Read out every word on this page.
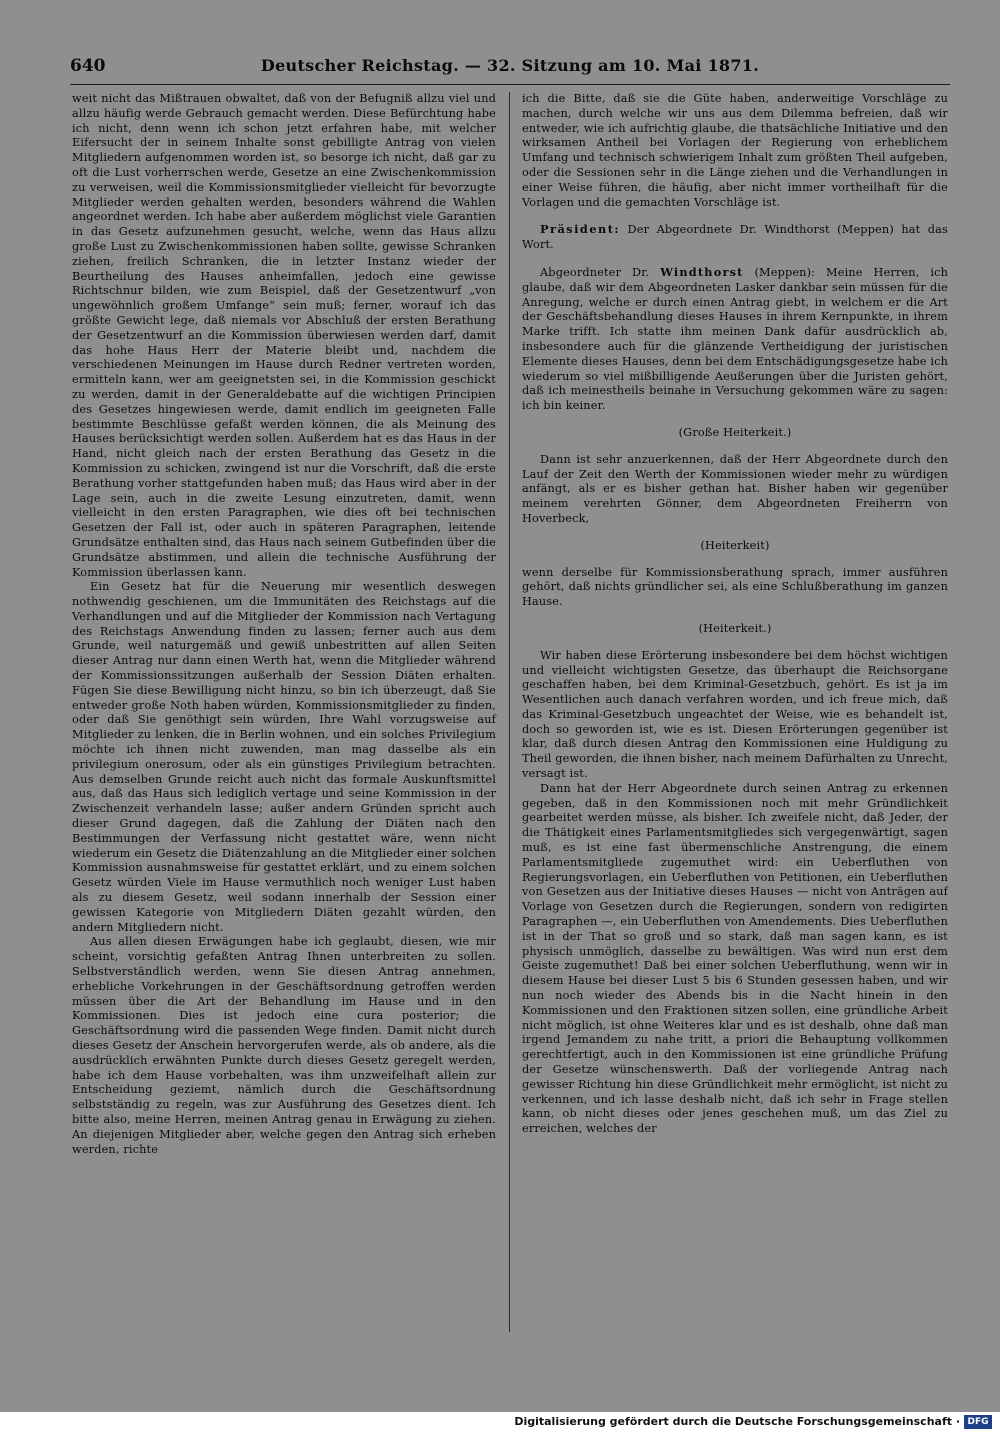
640	Deutscher Reichstag. — 32. Sitzung am 10. Mai 1871.

weit nicht das Mißtrauen obwaltet, daß von der Befugniß allzu viel und allzu häufig werde Gebrauch gemacht werden. Diese Befürchtung habe ich nicht, denn wenn ich schon jetzt erfahren habe, mit welcher Eifersucht der in seinem Inhalte sonst gebilligte Antrag von vielen Mitgliedern aufgenommen worden ist, so besorge ich nicht, daß gar zu oft die Lust vorherrschen werde, Gesetze an eine Zwischenkommission zu verweisen, weil die Kommissionsmitglieder vielleicht für bevorzugte Mitglieder werden gehalten werden, besonders während die Wahlen angeordnet werden. Ich habe aber außerdem möglichst viele Garantien in das Gesetz aufzunehmen gesucht, welche, wenn das Haus allzu große Lust zu Zwischenkommissionen haben sollte, gewisse Schranken ziehen, freilich Schranken, die in letzter Instanz wieder der Beurtheilung des Hauses anheimfallen, jedoch eine gewisse Richtschnur bilden, wie zum Beispiel, daß der Gesetzentwurf „von ungewöhnlich großem Umfange“ sein muß; ferner, worauf ich das größte Gewicht lege, daß niemals vor Abschluß der ersten Berathung der Gesetzentwurf an die Kommission überwiesen werden darf, damit das hohe Haus Herr der Materie bleibt und, nachdem die verschiedenen Meinungen im Hause durch Redner vertreten worden, ermitteln kann, wer am geeignetsten sei, in die Kommission geschickt zu werden, damit in der Generaldebatte auf die wichtigen Principien des Gesetzes hingewiesen werde, damit endlich im geeigneten Falle bestimmte Beschlüsse gefaßt werden können, die als Meinung des Hauses berücksichtigt werden sollen. Außerdem hat es das Haus in der Hand, nicht gleich nach der ersten Berathung das Gesetz in die Kommission zu schicken, zwingend ist nur die Vorschrift, daß die erste Berathung vorher stattgefunden haben muß; das Haus wird aber in der Lage sein, auch in die zweite Lesung einzutreten, damit, wenn vielleicht in den ersten Paragraphen, wie dies oft bei technischen Gesetzen der Fall ist, oder auch in späteren Paragraphen, leitende Grundsätze enthalten sind, das Haus nach seinem Gutbefinden über die Grundsätze abstimmen, und allein die technische Ausführung der Kommission überlassen kann.

Ein Gesetz hat für die Neuerung mir wesentlich deswegen nothwendig geschienen, um die Immunitäten des Reichstags auf die Verhandlungen und auf die Mitglieder der Kommission nach Vertagung des Reichstags Anwendung finden zu lassen; ferner auch aus dem Grunde, weil naturgemäß und gewiß unbestritten auf allen Seiten dieser Antrag nur dann einen Werth hat, wenn die Mitglieder während der Kommissionssitzungen außerhalb der Session Diäten erhalten. Fügen Sie diese Bewilligung nicht hinzu, so bin ich überzeugt, daß Sie entweder große Noth haben würden, Kommissionsmitglieder zu finden, oder daß Sie genöthigt sein würden, Ihre Wahl vorzugsweise auf Mitglieder zu lenken, die in Berlin wohnen, und ein solches Privilegium möchte ich ihnen nicht zuwenden, man mag dasselbe als ein privilegium onerosum, oder als ein günstiges Privilegium betrachten. Aus demselben Grunde reicht auch nicht das formale Auskunftsmittel aus, daß das Haus sich lediglich vertage und seine Kommission in der Zwischenzeit verhandeln lasse; außer andern Gründen spricht auch dieser Grund dagegen, daß die Zahlung der Diäten nach den Bestimmungen der Verfassung nicht gestattet wäre, wenn nicht wiederum ein Gesetz die Diätenzahlung an die Mitglieder einer solchen Kommission ausnahmsweise für gestattet erklärt, und zu einem solchen Gesetz würden Viele im Hause vermuthlich noch weniger Lust haben als zu diesem Gesetz, weil sodann innerhalb der Session einer gewissen Kategorie von Mitgliedern Diäten gezahlt würden, den andern Mitgliedern nicht.

Aus allen diesen Erwägungen habe ich geglaubt, diesen, wie mir scheint, vorsichtig gefaßten Antrag Ihnen unterbreiten zu sollen. Selbstverständlich werden, wenn Sie diesen Antrag annehmen, erhebliche Vorkehrungen in der Geschäftsordnung getroffen werden müssen über die Art der Behandlung im Hause und in den Kommissionen. Dies ist jedoch eine cura posterior; die Geschäftsordnung wird die passenden Wege finden. Damit nicht durch dieses Gesetz der Anschein hervorgerufen werde, als ob andere, als die ausdrücklich erwähnten Punkte durch dieses Gesetz geregelt werden, habe ich dem Hause vorbehalten, was ihm unzweifelhaft allein zur Entscheidung geziemt, nämlich durch die Geschäftsordnung selbstständig zu regeln, was zur Ausführung des Gesetzes dient. Ich bitte also, meine Herren, meinen Antrag genau in Erwägung zu ziehen. An diejenigen Mitglieder aber, welche gegen den Antrag sich erheben werden, richte

ich die Bitte, daß sie die Güte haben, anderweitige Vorschläge zu machen, durch welche wir uns aus dem Dilemma befreien, daß wir entweder, wie ich aufrichtig glaube, die thatsächliche Initiative und den wirksamen Antheil bei Vorlagen der Regierung von erheblichem Umfang und technisch schwierigem Inhalt zum größten Theil aufgeben, oder die Sessionen sehr in die Länge ziehen und die Verhandlungen in einer Weise führen, die häufig, aber nicht immer vortheilhaft für die Vorlagen und die gemachten Vorschläge ist.

Präsident: Der Abgeordnete Dr. Windthorst (Meppen) hat das Wort.

Abgeordneter Dr. Windthorst (Meppen): Meine Herren, ich glaube, daß wir dem Abgeordneten Lasker dankbar sein müssen für die Anregung, welche er durch einen Antrag giebt, in welchem er die Art der Geschäftsbehandlung dieses Hauses in ihrem Kernpunkte, in ihrem Marke trifft. Ich statte ihm meinen Dank dafür ausdrücklich ab, insbesondere auch für die glänzende Vertheidigung der juristischen Elemente dieses Hauses, denn bei dem Entschädigungsgesetze habe ich wiederum so viel mißbilligende Aeußerungen über die Juristen gehört, daß ich meinestheils beinahe in Versuchung gekommen wäre zu sagen: ich bin keiner.

(Große Heiterkeit.)

Dann ist sehr anzuerkennen, daß der Herr Abgeordnete durch den Lauf der Zeit den Werth der Kommissionen wieder mehr zu würdigen anfängt, als er es bisher gethan hat. Bisher haben wir gegenüber meinem verehrten Gönner, dem Abgeordneten Freiherrn von Hoverbeck,

(Heiterkeit)

wenn derselbe für Kommissionsberathung sprach, immer ausführen gehört, daß nichts gründlicher sei, als eine Schlußberathung im ganzen Hause.

(Heiterkeit.)

Wir haben diese Erörterung insbesondere bei dem höchst wichtigen und vielleicht wichtigsten Gesetze, das überhaupt die Reichsorgane geschaffen haben, bei dem Kriminal-Gesetzbuch, gehört. Es ist ja im Wesentlichen auch danach verfahren worden, und ich freue mich, daß das Kriminal-Gesetzbuch ungeachtet der Weise, wie es behandelt ist, doch so geworden ist, wie es ist. Diesen Erörterungen gegenüber ist klar, daß durch diesen Antrag den Kommissionen eine Huldigung zu Theil geworden, die ihnen bisher, nach meinem Dafürhalten zu Unrecht, versagt ist.

Dann hat der Herr Abgeordnete durch seinen Antrag zu erkennen gegeben, daß in den Kommissionen noch mit mehr Gründlichkeit gearbeitet werden müsse, als bisher. Ich zweifele nicht, daß Jeder, der die Thätigkeit eines Parlamentsmitgliedes sich vergegenwärtigt, sagen muß, es ist eine fast übermenschliche Anstrengung, die einem Parlamentsmitgliede zugemuthet wird: ein Ueberfluthen von Regierungsvorlagen, ein Ueberfluthen von Petitionen, ein Ueberfluthen von Gesetzen aus der Initiative dieses Hauses — nicht von Anträgen auf Vorlage von Gesetzen durch die Regierungen, sondern von redigirten Paragraphen —, ein Ueberfluthen von Amendements. Dies Ueberfluthen ist in der That so groß und so stark, daß man sagen kann, es ist physisch unmöglich, dasselbe zu bewältigen. Was wird nun erst dem Geiste zugemuthet! Daß bei einer solchen Ueberfluthung, wenn wir in diesem Hause bei dieser Lust 5 bis 6 Stunden gesessen haben, und wir nun noch wieder des Abends bis in die Nacht hinein in den Kommissionen und den Fraktionen sitzen sollen, eine gründliche Arbeit nicht möglich, ist ohne Weiteres klar und es ist deshalb, ohne daß man irgend Jemandem zu nahe tritt, a priori die Behauptung vollkommen gerechtfertigt, auch in den Kommissionen ist eine gründliche Prüfung der Gesetze wünschenswerth. Daß der vorliegende Antrag nach gewisser Richtung hin diese Gründlichkeit mehr ermöglicht, ist nicht zu verkennen, und ich lasse deshalb nicht, daß ich sehr in Frage stellen kann, ob nicht dieses oder jenes geschehen muß, um das Ziel zu erreichen, welches der

Digitalisierung gefördert durch die Deutsche Forschungsgemeinschaft · DFG
